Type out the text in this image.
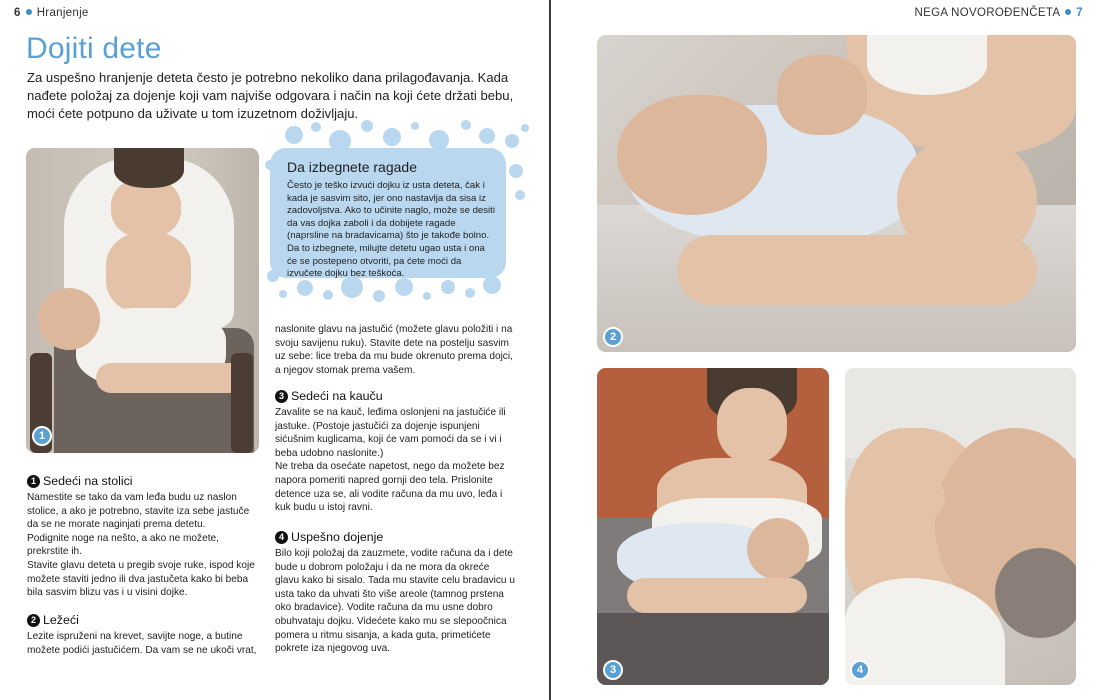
6 Hranjenje
Dojiti dete

Za uspešno hranjenje deteta često je potrebno nekoliko dana prilagođavanja. Kada nađete položaj za dojenje koji vam najviše odgovara i način na koji ćete držati bebu, moći ćete potpuno da uživate u tom izuzetnom doživljaju.

1
Da izbegnete ragade
Često je teško izvući dojku iz usta deteta, čak i kada je sasvim sito, jer ono nastavlja da sisa iz zadovoljstva. Ako to učinite naglo, može se desiti da vas dojka zaboli i da dobijete ragade (naprsline na bradavicama) što je takođe bolno. Da to izbegnete, milujte detetu ugao usta i ona će se postepeno otvoriti, pa ćete moći da izvučete dojku bez teškoća.
1 Sedeći na stolici
Namestite se tako da vam leđa budu uz naslon stolice, a ako je potrebno, stavite iza sebe jastuče da se ne morate naginjati prema detetu.
Podignite noge na nešto, a ako ne možete, prekrstite ih.
Stavite glavu deteta u pregib svoje ruke, ispod koje možete staviti jedno ili dva jastučeta kako bi beba bila sasvim blizu vas i u visini dojke.
2 Ležeći
Lezite ispruženi na krevet, savijte noge, a butine možete podići jastučićem. Da vam se ne ukoči vrat,
naslonite glavu na jastučić (možete glavu položiti i na svoju savijenu ruku). Stavite dete na postelju sasvim uz sebe: lice treba da mu bude okrenuto prema dojci, a njegov stomak prema vašem.
3 Sedeći na kauču
Zavalite se na kauč, leđima oslonjeni na jastučiće ili jastuke. (Postoje jastučići za dojenje ispunjeni sićušnim kuglicama, koji će vam pomoći da se i vi i beba udobno naslonite.)
Ne treba da osećate napetost, nego da možete bez napora pomeriti napred gornji deo tela. Prislonite detence uza se, ali vodite računa da mu uvo, leđa i kuk budu u istoj ravni.
4 Uspešno dojenje
Bilo koji položaj da zauzmete, vodite računa da i dete bude u dobrom položaju i da ne mora da okreće glavu kako bi sisalo. Tada mu stavite celu bradavicu u usta tako da uhvati što više areole (tamnog prstena oko bradavice). Vodite računa da mu usne dobro obuhvataju dojku. Videćete kako mu se slepoočnica pomera u ritmu sisanja, a kada guta, primetićete pokrete iza njegovog uva.
NEGA NOVOROĐENČETA 7
2
3	4
